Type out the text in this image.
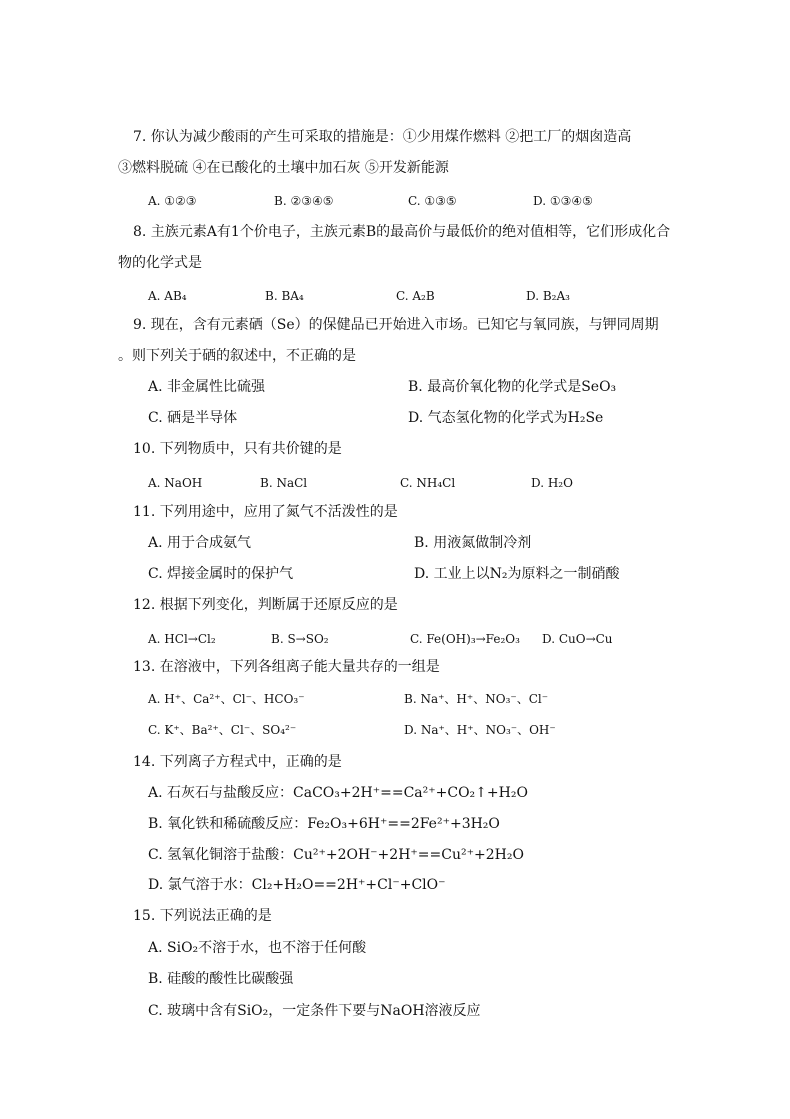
7. 你认为减少酸雨的产生可采取的措施是：①少用煤作燃料 ②把工厂的烟囱造高
③燃料脱硫 ④在已酸化的土壤中加石灰 ⑤开发新能源
A. ①②③	B. ②③④⑤	C. ①③⑤	D. ①③④⑤
8. 主族元素A有1个价电子，主族元素B的最高价与最低价的绝对值相等，它们形成化合
物的化学式是
A. AB₄	B. BA₄	C. A₂B	D. B₂A₃
9. 现在，含有元素硒（Se）的保健品已开始进入市场。已知它与氧同族，与钾同周期
。则下列关于硒的叙述中，不正确的是
A. 非金属性比硫强	B. 最高价氧化物的化学式是SeO₃
C. 硒是半导体	D. 气态氢化物的化学式为H₂Se
10. 下列物质中，只有共价键的是
A. NaOH	B. NaCl	C. NH₄Cl	D. H₂O
11. 下列用途中，应用了氮气不活泼性的是
A. 用于合成氨气	B. 用液氮做制冷剂
C. 焊接金属时的保护气	D. 工业上以N₂为原料之一制硝酸
12. 根据下列变化，判断属于还原反应的是
A. HCl→Cl₂	B. S→SO₂	C. Fe(OH)₃→Fe₂O₃ D. CuO→Cu
13. 在溶液中，下列各组离子能大量共存的一组是
A. H⁺、Ca²⁺、Cl⁻、HCO₃⁻	B. Na⁺、H⁺、NO₃⁻、Cl⁻
C. K⁺、Ba²⁺、Cl⁻、SO₄²⁻	D. Na⁺、H⁺、NO₃⁻、OH⁻
14. 下列离子方程式中，正确的是
A. 石灰石与盐酸反应：CaCO₃+2H⁺==Ca²⁺+CO₂↑+H₂O
B. 氧化铁和稀硫酸反应：Fe₂O₃+6H⁺==2Fe²⁺+3H₂O
C. 氢氧化铜溶于盐酸：Cu²⁺+2OH⁻+2H⁺==Cu²⁺+2H₂O
D. 氯气溶于水：Cl₂+H₂O==2H⁺+Cl⁻+ClO⁻
15. 下列说法正确的是
A. SiO₂不溶于水，也不溶于任何酸
B. 硅酸的酸性比碳酸强
C. 玻璃中含有SiO₂，一定条件下要与NaOH溶液反应
